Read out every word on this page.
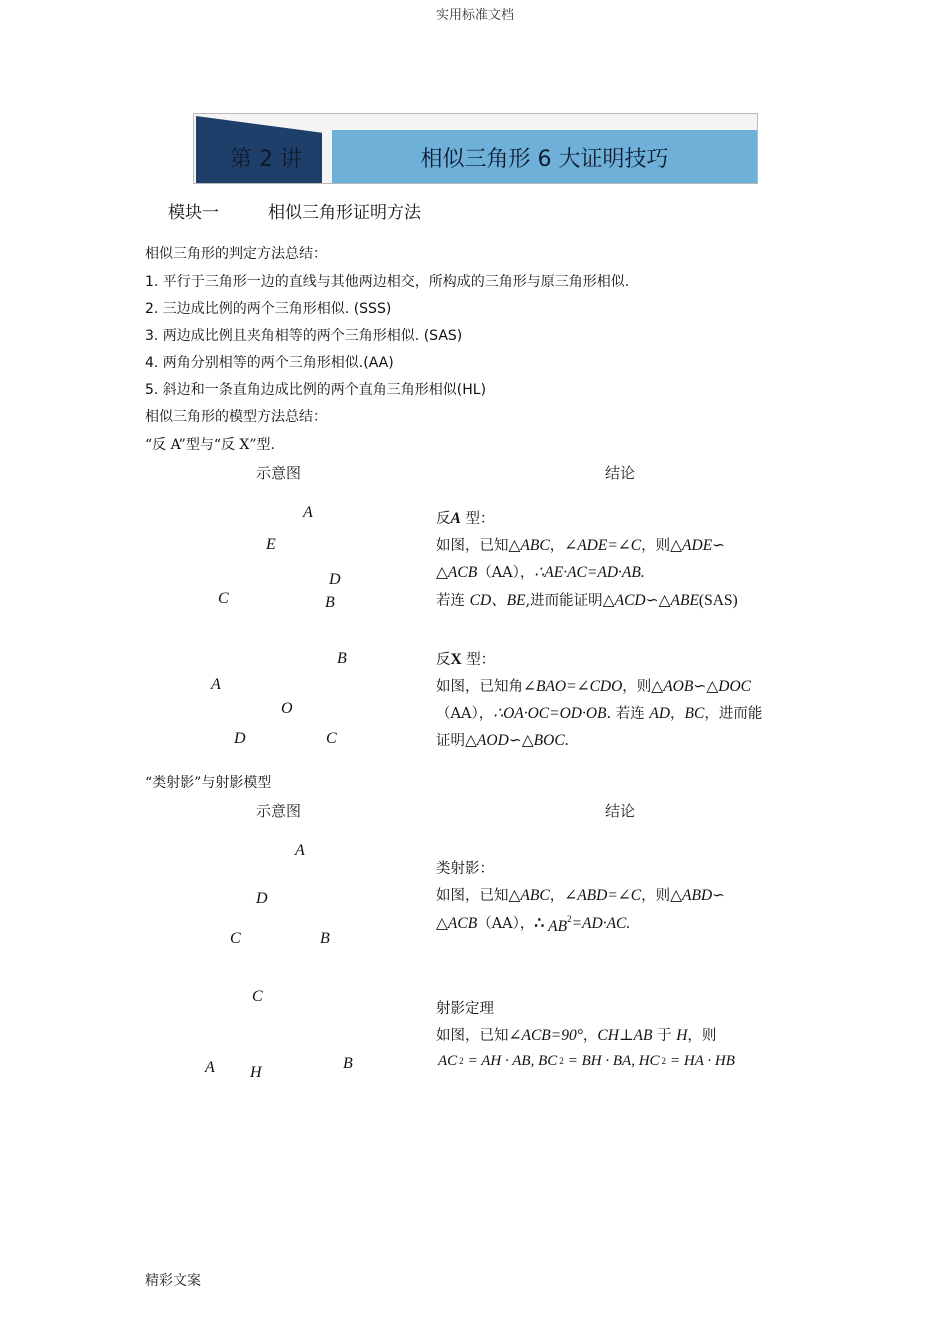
实用标准文档
精彩文案
第 2 讲	相似三角形 6 大证明技巧
模块一	相似三角形证明方法
相似三角形的判定方法总结：
1. 平行于三角形一边的直线与其他两边相交，所构成的三角形与原三角形相似.
2. 三边成比例的两个三角形相似. (SSS)
3. 两边成比例且夹角相等的两个三角形相似. (SAS)
4. 两角分别相等的两个三角形相似.(AA)
5. 斜边和一条直角边成比例的两个直角三角形相似(HL)
相似三角形的模型方法总结：
“反 A”型与“反 X”型.
示意图	结论
A
E
D
C	B
反A 型：
如图，已知△ABC，∠ADE=∠C，则△ADE∽
△ACB（AA），∴AE·AC=AD·AB.
若连 CD、BE,进而能证明△ACD∽△ABE(SAS)
B
A
O
D	C
反X 型：
如图，已知角∠BAO=∠CDO，则△AOB∽△DOC
（AA），∴OA·OC=OD·OB. 若连 AD，BC，进而能
证明△AOD∽△BOC.
“类射影”与射影模型
示意图	结论
A
D
C	B
类射影：
如图，已知△ABC，∠ABD=∠C，则△ABD∽
△ACB（AA），∴ $AB^2=AD\cdot AC$.
C
A H
B
射影定理
如图，已知∠ACB=90°，CH⊥AB 于 H，则
AC $^2$ = AH · AB, BC $^2$ = BH · BA, HC $^2$ = HA · HB
